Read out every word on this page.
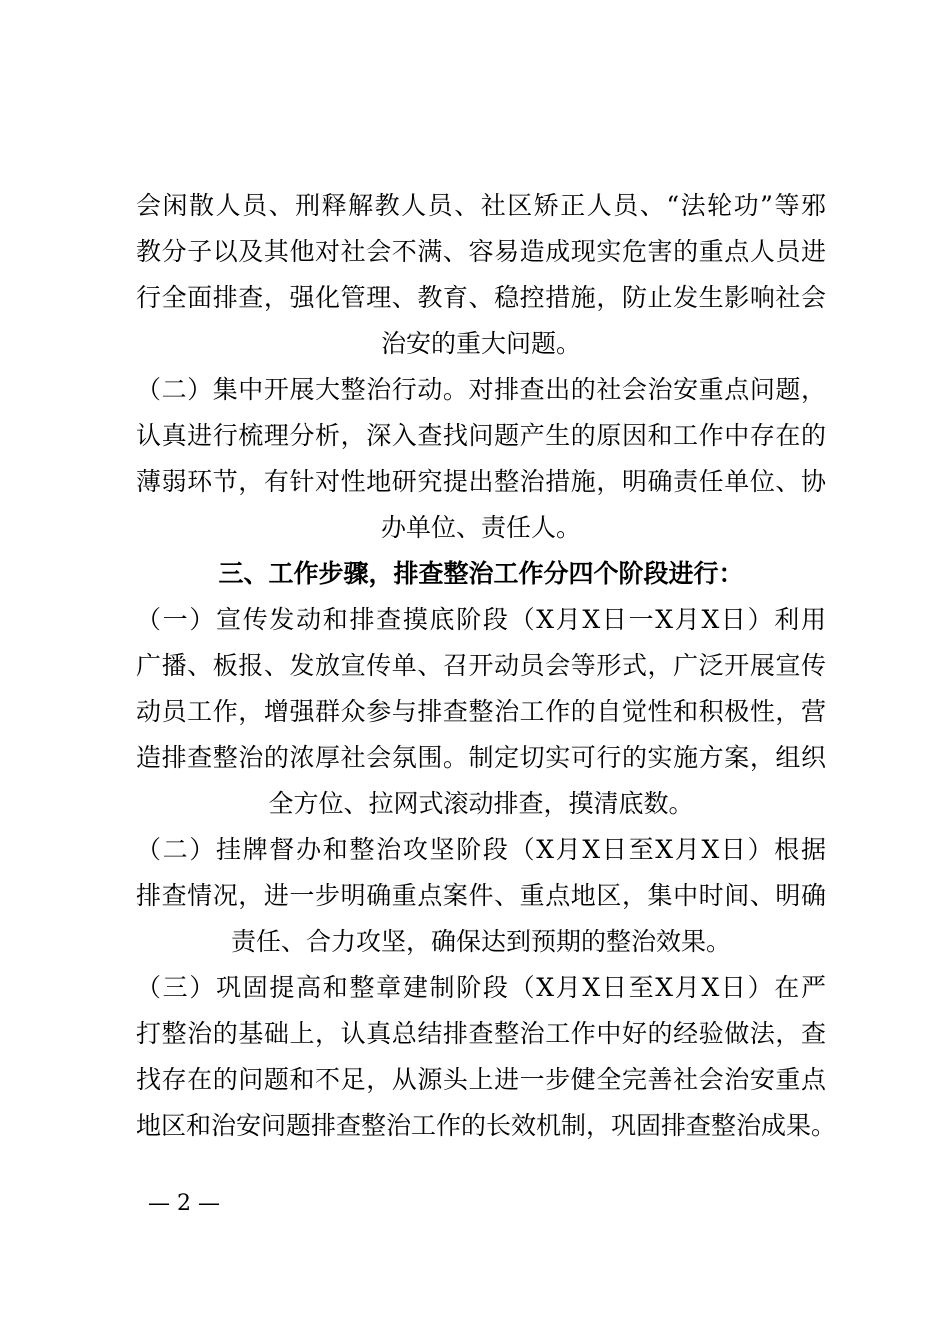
会闲散人员、刑释解教人员、社区矫正人员、“法轮功”等邪
教分子以及其他对社会不满、容易造成现实危害的重点人员进
行全面排查，强化管理、教育、稳控措施，防止发生影响社会
治安的重大问题。
（二）集中开展大整治行动。对排查出的社会治安重点问题，
认真进行梳理分析，深入查找问题产生的原因和工作中存在的
薄弱环节，有针对性地研究提出整治措施，明确责任单位、协
办单位、责任人。
三、工作步骤，排查整治工作分四个阶段进行：
（一）宣传发动和排查摸底阶段（X月X日一X月X日）利用
广播、板报、发放宣传单、召开动员会等形式，广泛开展宣传
动员工作，增强群众参与排查整治工作的自觉性和积极性，营
造排查整治的浓厚社会氛围。制定切实可行的实施方案，组织
全方位、拉网式滚动排查，摸清底数。
（二）挂牌督办和整治攻坚阶段（X月X日至X月X日）根据
排查情况，进一步明确重点案件、重点地区，集中时间、明确
责任、合力攻坚，确保达到预期的整治效果。
（三）巩固提高和整章建制阶段（X月X日至X月X日）在严
打整治的基础上，认真总结排查整治工作中好的经验做法，查
找存在的问题和不足，从源头上进一步健全完善社会治安重点
地区和治安问题排查整治工作的长效机制，巩固排查整治成果。
— 2 —
